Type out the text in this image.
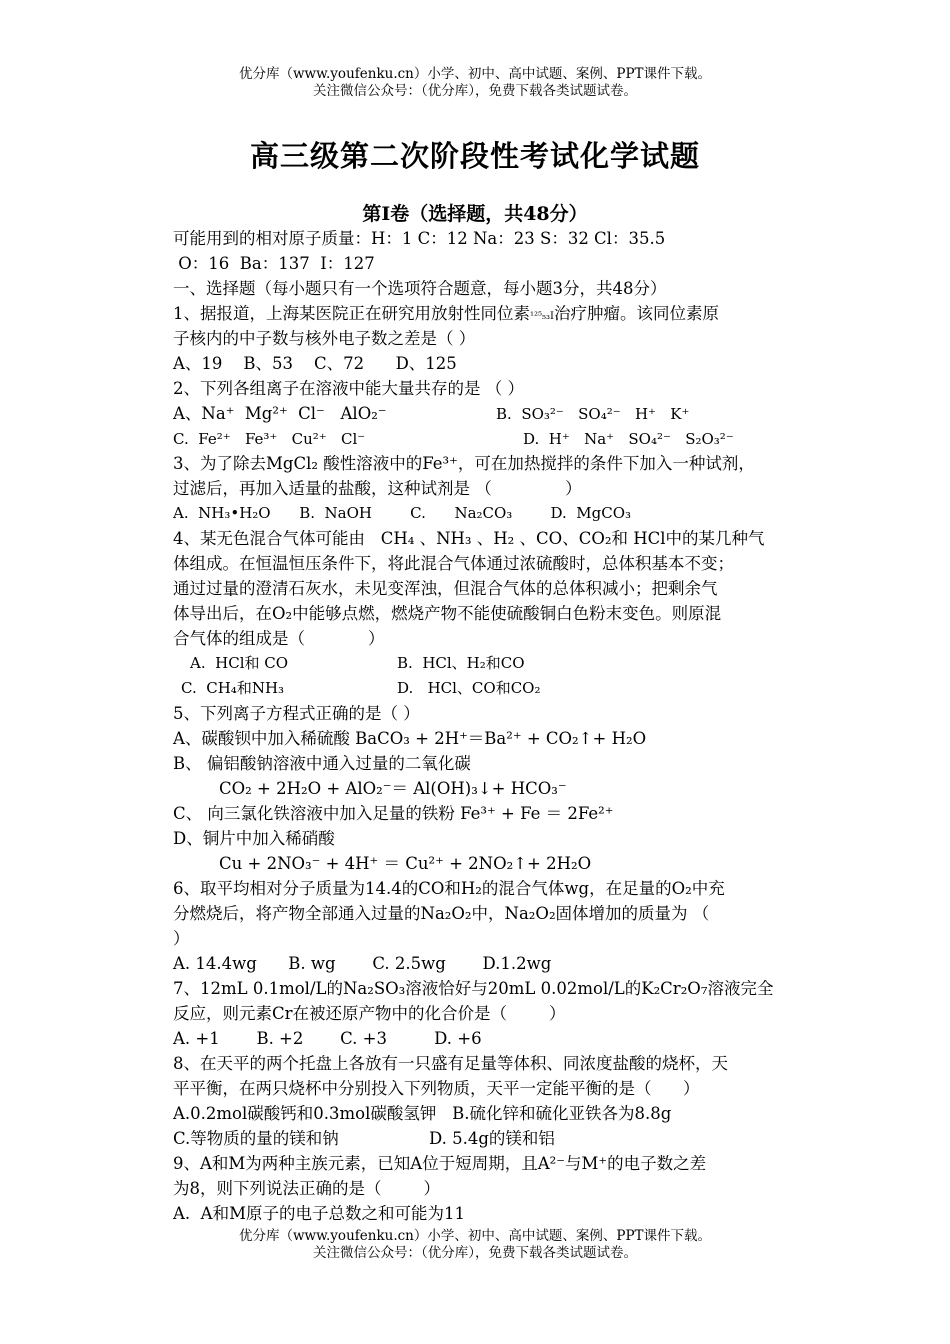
优分库（www.youfenku.cn）小学、初中、高中试题、案例、PPT课件下载。
关注微信公众号：（优分库），免费下载各类试题试卷。
高三级第二次阶段性考试化学试题
第Ⅰ卷（选择题，共48分）
可能用到的相对原子质量：H：1 C：12 Na：23 S：32 Cl：35.5
O：16  Ba：137  I：127
一、选择题（每小题只有一个选项符合题意，每小题3分，共48分）
1、据报道，上海某医院正在研究用放射性同位素¹²⁵₅₃I治疗肿瘤。该同位素原
子核内的中子数与核外电子数之差是（ ）
A、19    B、53    C、72      D、125
2、下列各组离子在溶液中能大量共存的是 （ ）
A、Na⁺  Mg²⁺  Cl⁻   AlO₂⁻	B.  SO₃²⁻   SO₄²⁻   H⁺   K⁺
C.  Fe²⁺   Fe³⁺   Cu²⁺   Cl⁻	D.  H⁺   Na⁺   SO₄²⁻   S₂O₃²⁻
3、为了除去MgCl₂ 酸性溶液中的Fe³⁺，可在加热搅拌的条件下加入一种试剂，
过滤后，再加入适量的盐酸，这种试剂是 （              ）
A.  NH₃•H₂O      B.  NaOH        C.      Na₂CO₃        D.  MgCO₃
4、某无色混合气体可能由   CH₄ 、NH₃ 、H₂ 、CO、CO₂和 HCl中的某几种气
体组成。在恒温恒压条件下，将此混合气体通过浓硫酸时，总体积基本不变；
通过过量的澄清石灰水，未见变浑浊，但混合气体的总体积减小；把剩余气
体导出后，在O₂中能够点燃，燃烧产物不能使硫酸铜白色粉末变色。则原混
合气体的组成是（            ）
A.  HCl和 CO	B.  HCl、H₂和CO
C.  CH₄和NH₃	D.   HCl、CO和CO₂
5、下列离子方程式正确的是（ ）
A、碳酸钡中加入稀硫酸 BaCO₃ + 2H⁺＝Ba²⁺ + CO₂↑+ H₂O
B、 偏铝酸钠溶液中通入过量的二氧化碳
CO₂ + 2H₂O + AlO₂⁻＝ Al(OH)₃↓+ HCO₃⁻
C、 向三氯化铁溶液中加入足量的铁粉 Fe³⁺ + Fe ＝ 2Fe²⁺
D、铜片中加入稀硝酸
Cu + 2NO₃⁻ + 4H⁺ ＝ Cu²⁺ + 2NO₂↑+ 2H₂O
6、取平均相对分子质量为14.4的CO和H₂的混合气体wg，在足量的O₂中充
分燃烧后，将产物全部通入过量的Na₂O₂中，Na₂O₂固体增加的质量为 （
）
A. 14.4wg      B. wg       C. 2.5wg       D.1.2wg
7、12mL 0.1mol/L的Na₂SO₃溶液恰好与20mL 0.02mol/L的K₂Cr₂O₇溶液完全
反应，则元素Cr在被还原产物中的化合价是（        ）
A. +1       B. +2       C. +3         D. +6
8、在天平的两个托盘上各放有一只盛有足量等体积、同浓度盐酸的烧杯，天
平平衡，在两只烧杯中分别投入下列物质，天平一定能平衡的是（      ）
A.0.2mol碳酸钙和0.3mol碳酸氢钾   B.硫化锌和硫化亚铁各为8.8g
C.等物质的量的镁和钠	D. 5.4g的镁和铝
9、A和M为两种主族元素，已知A位于短周期，且A²⁻与M⁺的电子数之差
为8，则下列说法正确的是（        ）
A.  A和M原子的电子总数之和可能为11
优分库（www.youfenku.cn）小学、初中、高中试题、案例、PPT课件下载。
关注微信公众号：（优分库），免费下载各类试题试卷。
